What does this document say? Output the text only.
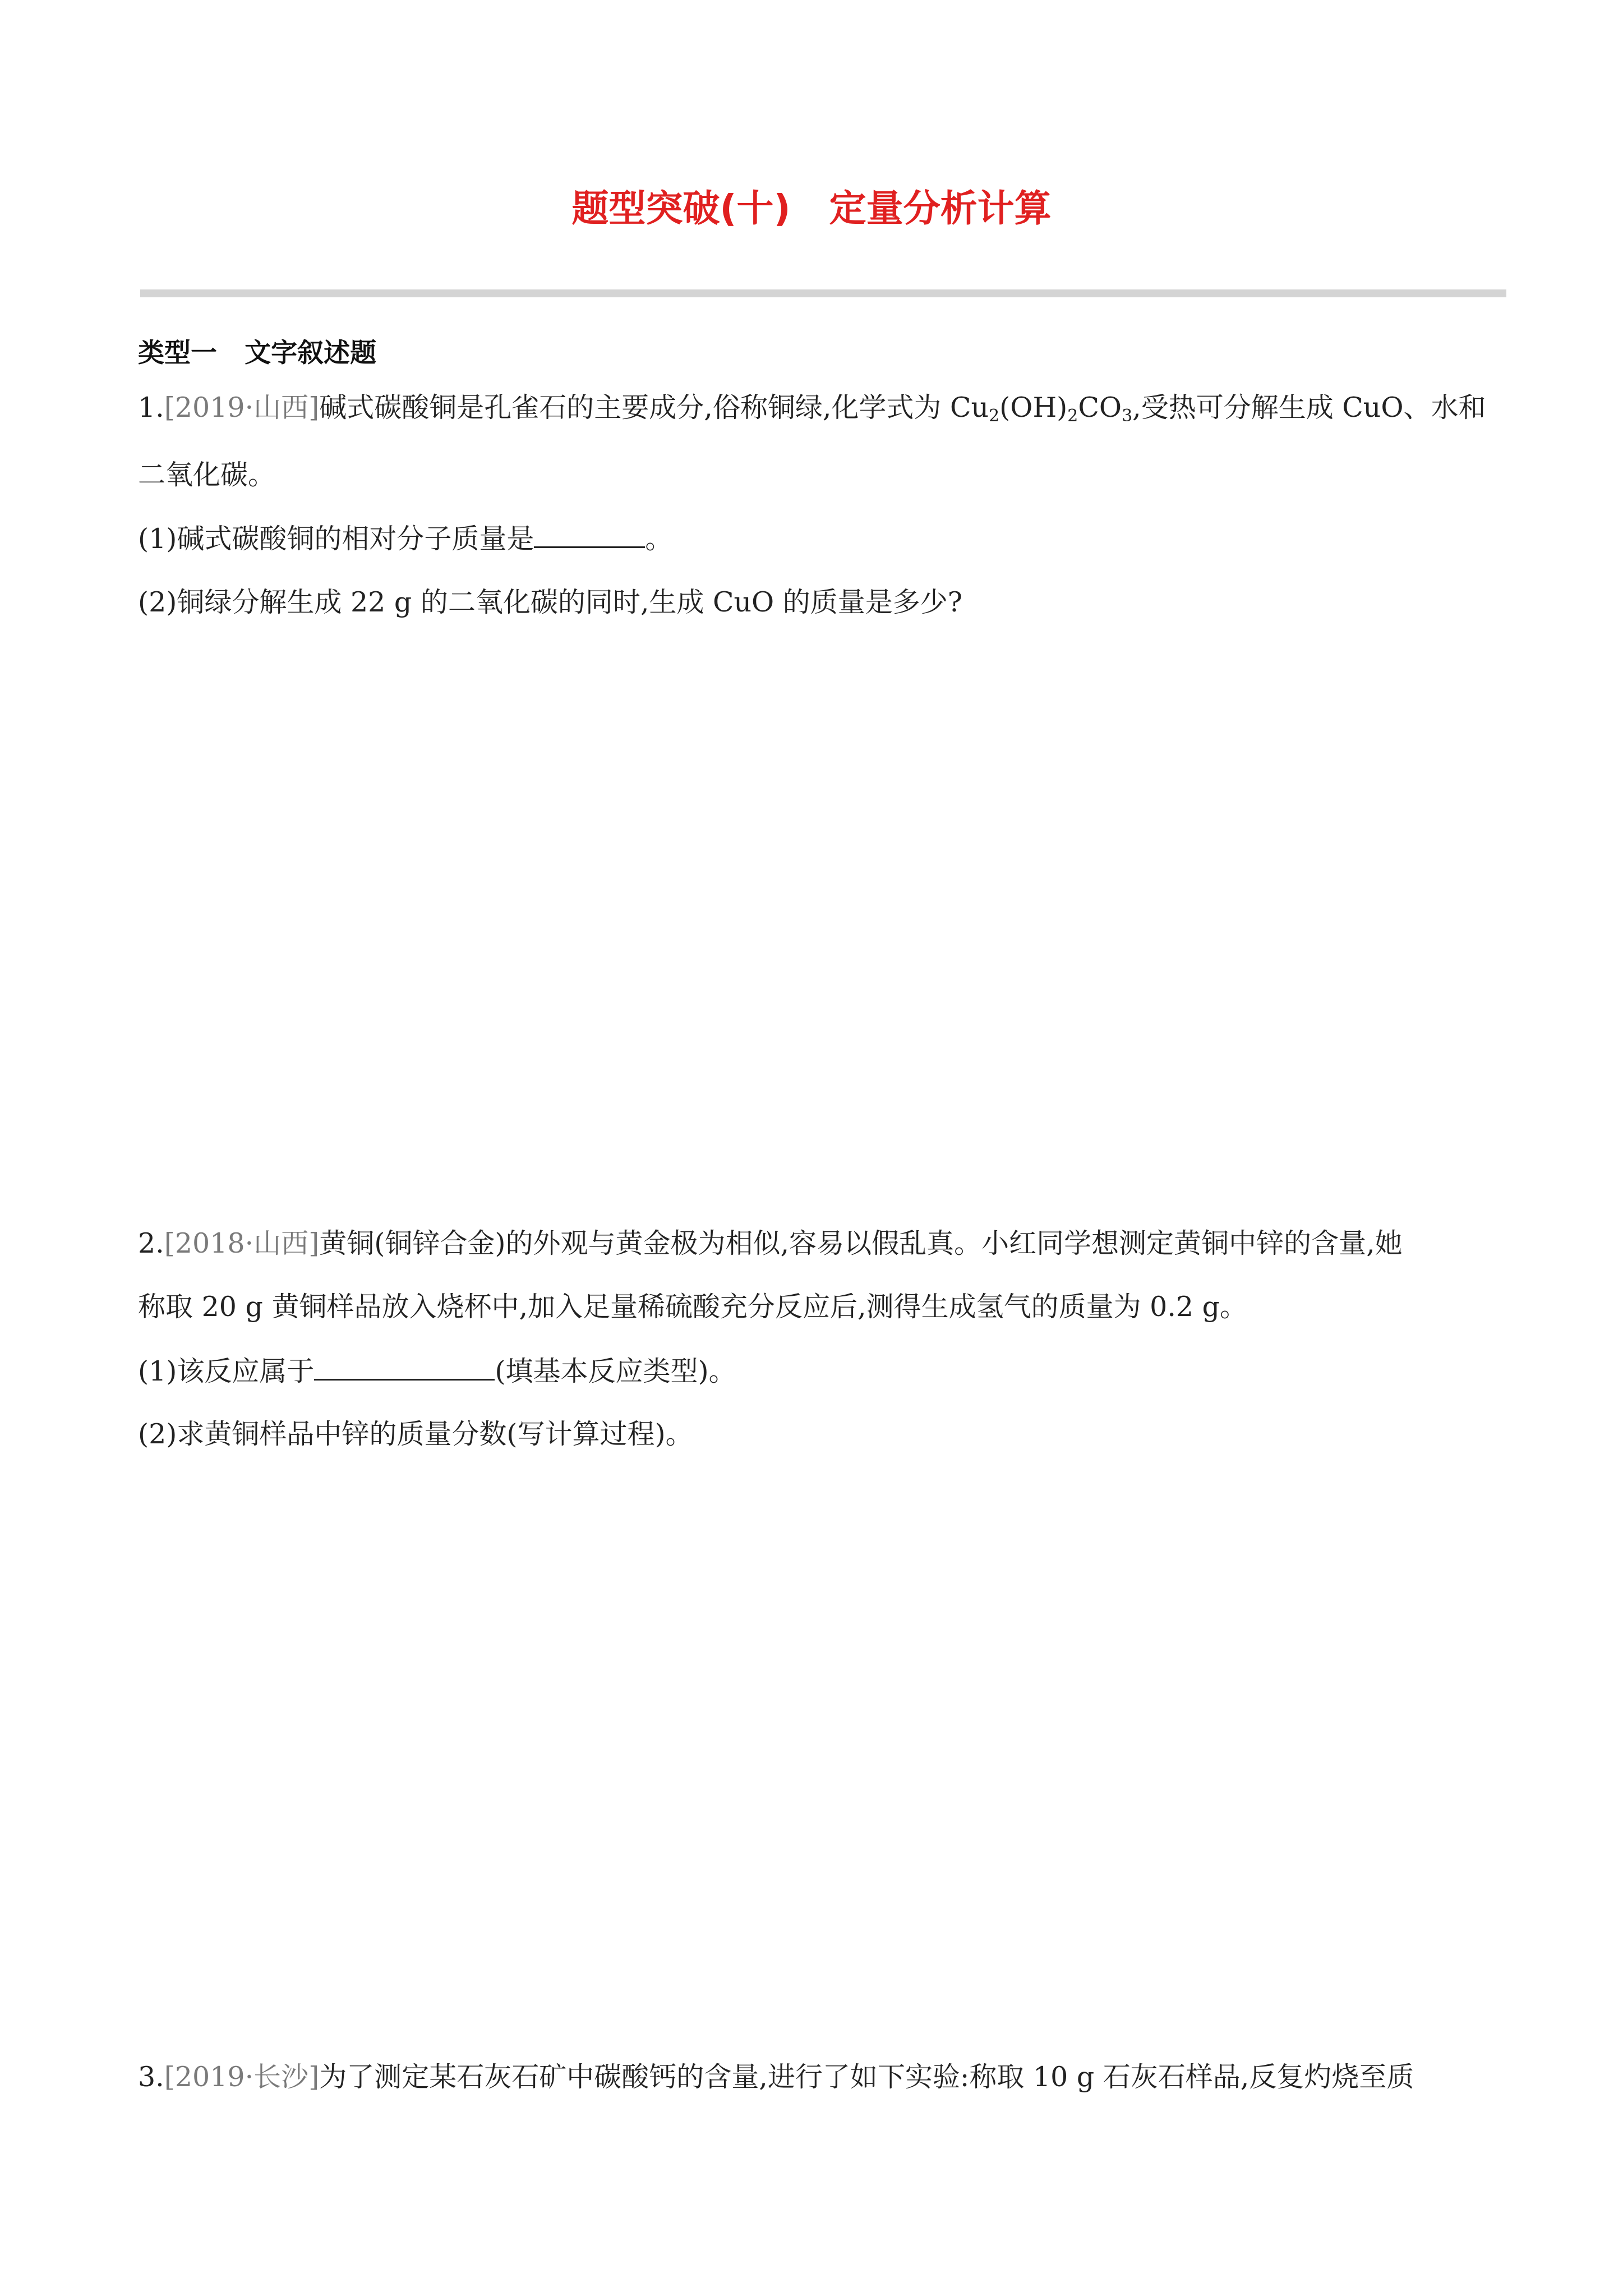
题型突破(十)   定量分析计算
类型一   文字叙述题
1.[2019·山西]碱式碳酸铜是孔雀石的主要成分,俗称铜绿,化学式为 $Cu_2(OH)_2CO_3$,受热可分解生成 CuO、水和
二氧化碳。
(1)碱式碳酸铜的相对分子质量是	。
(2)铜绿分解生成 22 g 的二氧化碳的同时,生成 CuO 的质量是多少?
2.[2018·山西]黄铜(铜锌合金)的外观与黄金极为相似,容易以假乱真。小红同学想测定黄铜中锌的含量,她
称取 20 g 黄铜样品放入烧杯中,加入足量稀硫酸充分反应后,测得生成氢气的质量为 0.2 g。
(1)该反应属于	(填基本反应类型)。
(2)求黄铜样品中锌的质量分数(写计算过程)。
3.[2019·长沙]为了测定某石灰石矿中碳酸钙的含量,进行了如下实验:称取 10 g 石灰石样品,反复灼烧至质
